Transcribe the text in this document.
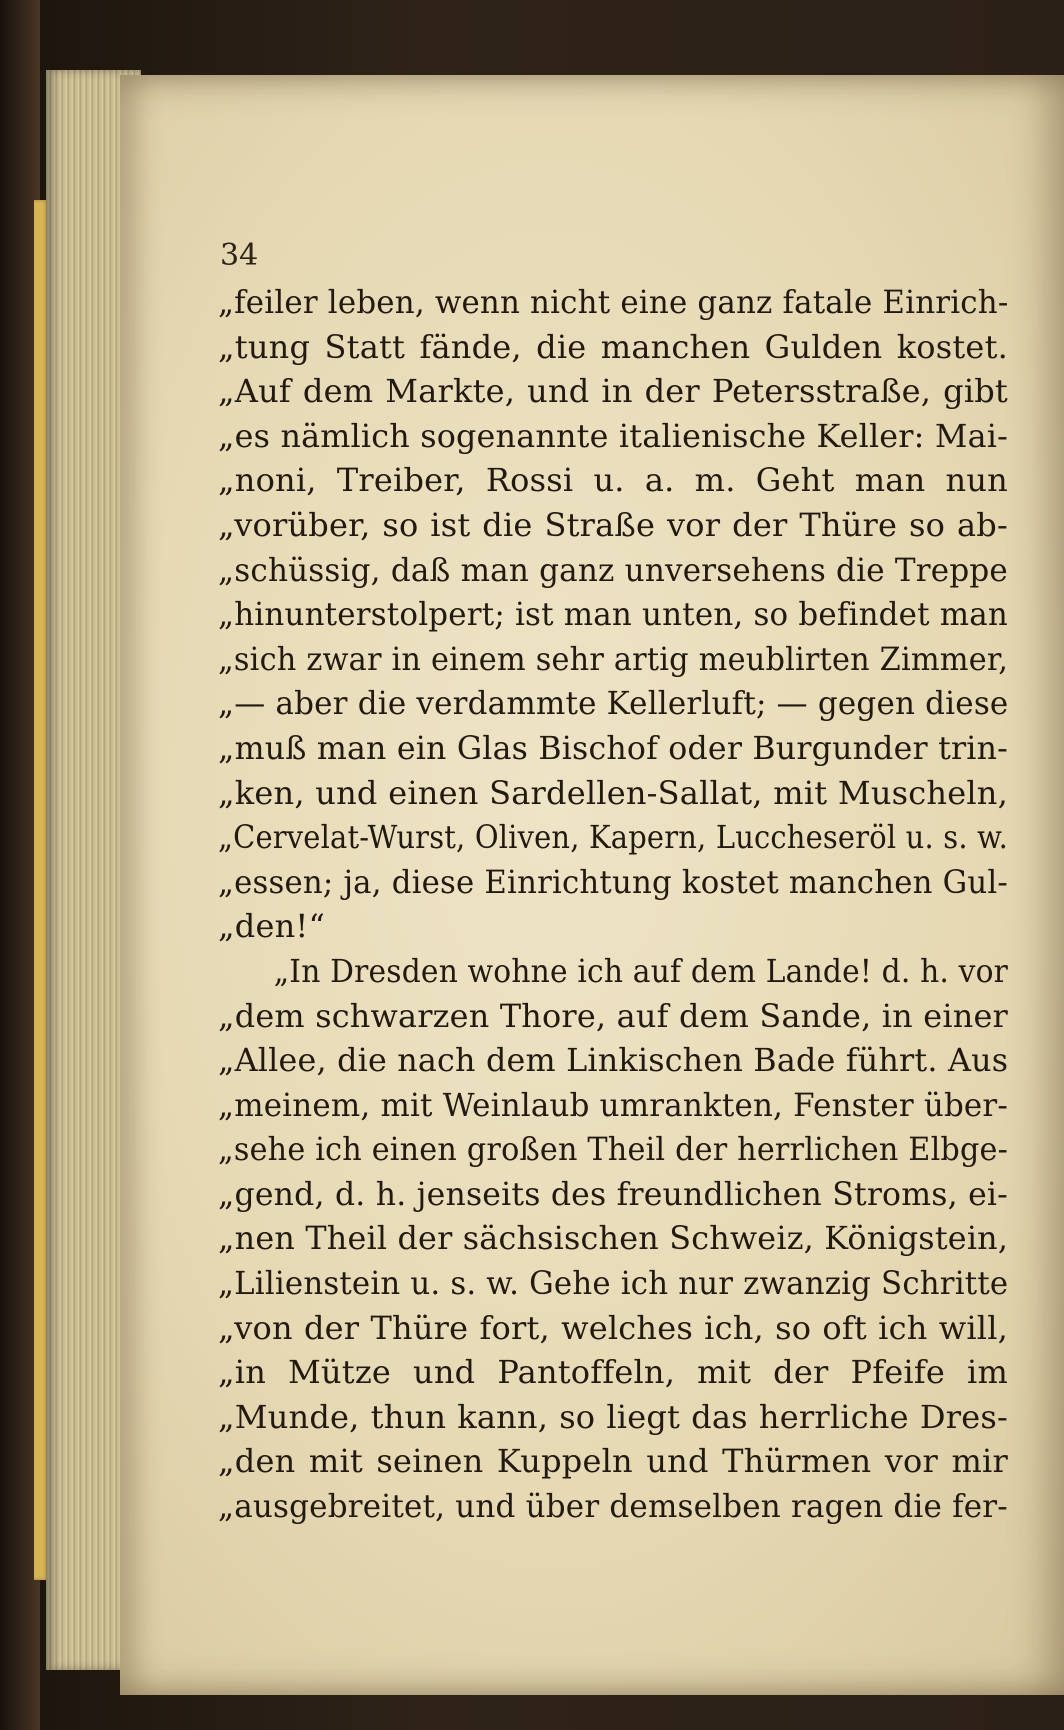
34

„feiler leben, wenn nicht eine ganz fatale Einrich-
„tung Statt fände, die manchen Gulden kostet.
„Auf dem Markte, und in der Petersstraße, gibt
„es nämlich sogenannte italienische Keller: Mai-
„noni, Treiber, Rossi u. a. m. Geht man nun
„vorüber, so ist die Straße vor der Thüre so ab-
„schüssig, daß man ganz unversehens die Treppe
„hinunterstolpert; ist man unten, so befindet man
„sich zwar in einem sehr artig meublirten Zimmer,
„— aber die verdammte Kellerluft; — gegen diese
„muß man ein Glas Bischof oder Burgunder trin-
„ken, und einen Sardellen-Sallat, mit Muscheln,
„Cervelat-Wurst, Oliven, Kapern, Luccheseröl u. s. w.
„essen; ja, diese Einrichtung kostet manchen Gul-
„den!“
„In Dresden wohne ich auf dem Lande! d. h. vor
„dem schwarzen Thore, auf dem Sande, in einer
„Allee, die nach dem Linkischen Bade führt. Aus
„meinem, mit Weinlaub umrankten, Fenster über-
„sehe ich einen großen Theil der herrlichen Elbge-
„gend, d. h. jenseits des freundlichen Stroms, ei-
„nen Theil der sächsischen Schweiz, Königstein,
„Lilienstein u. s. w. Gehe ich nur zwanzig Schritte
„von der Thüre fort, welches ich, so oft ich will,
„in Mütze und Pantoffeln, mit der Pfeife im
„Munde, thun kann, so liegt das herrliche Dres-
„den mit seinen Kuppeln und Thürmen vor mir
„ausgebreitet, und über demselben ragen die fer-
